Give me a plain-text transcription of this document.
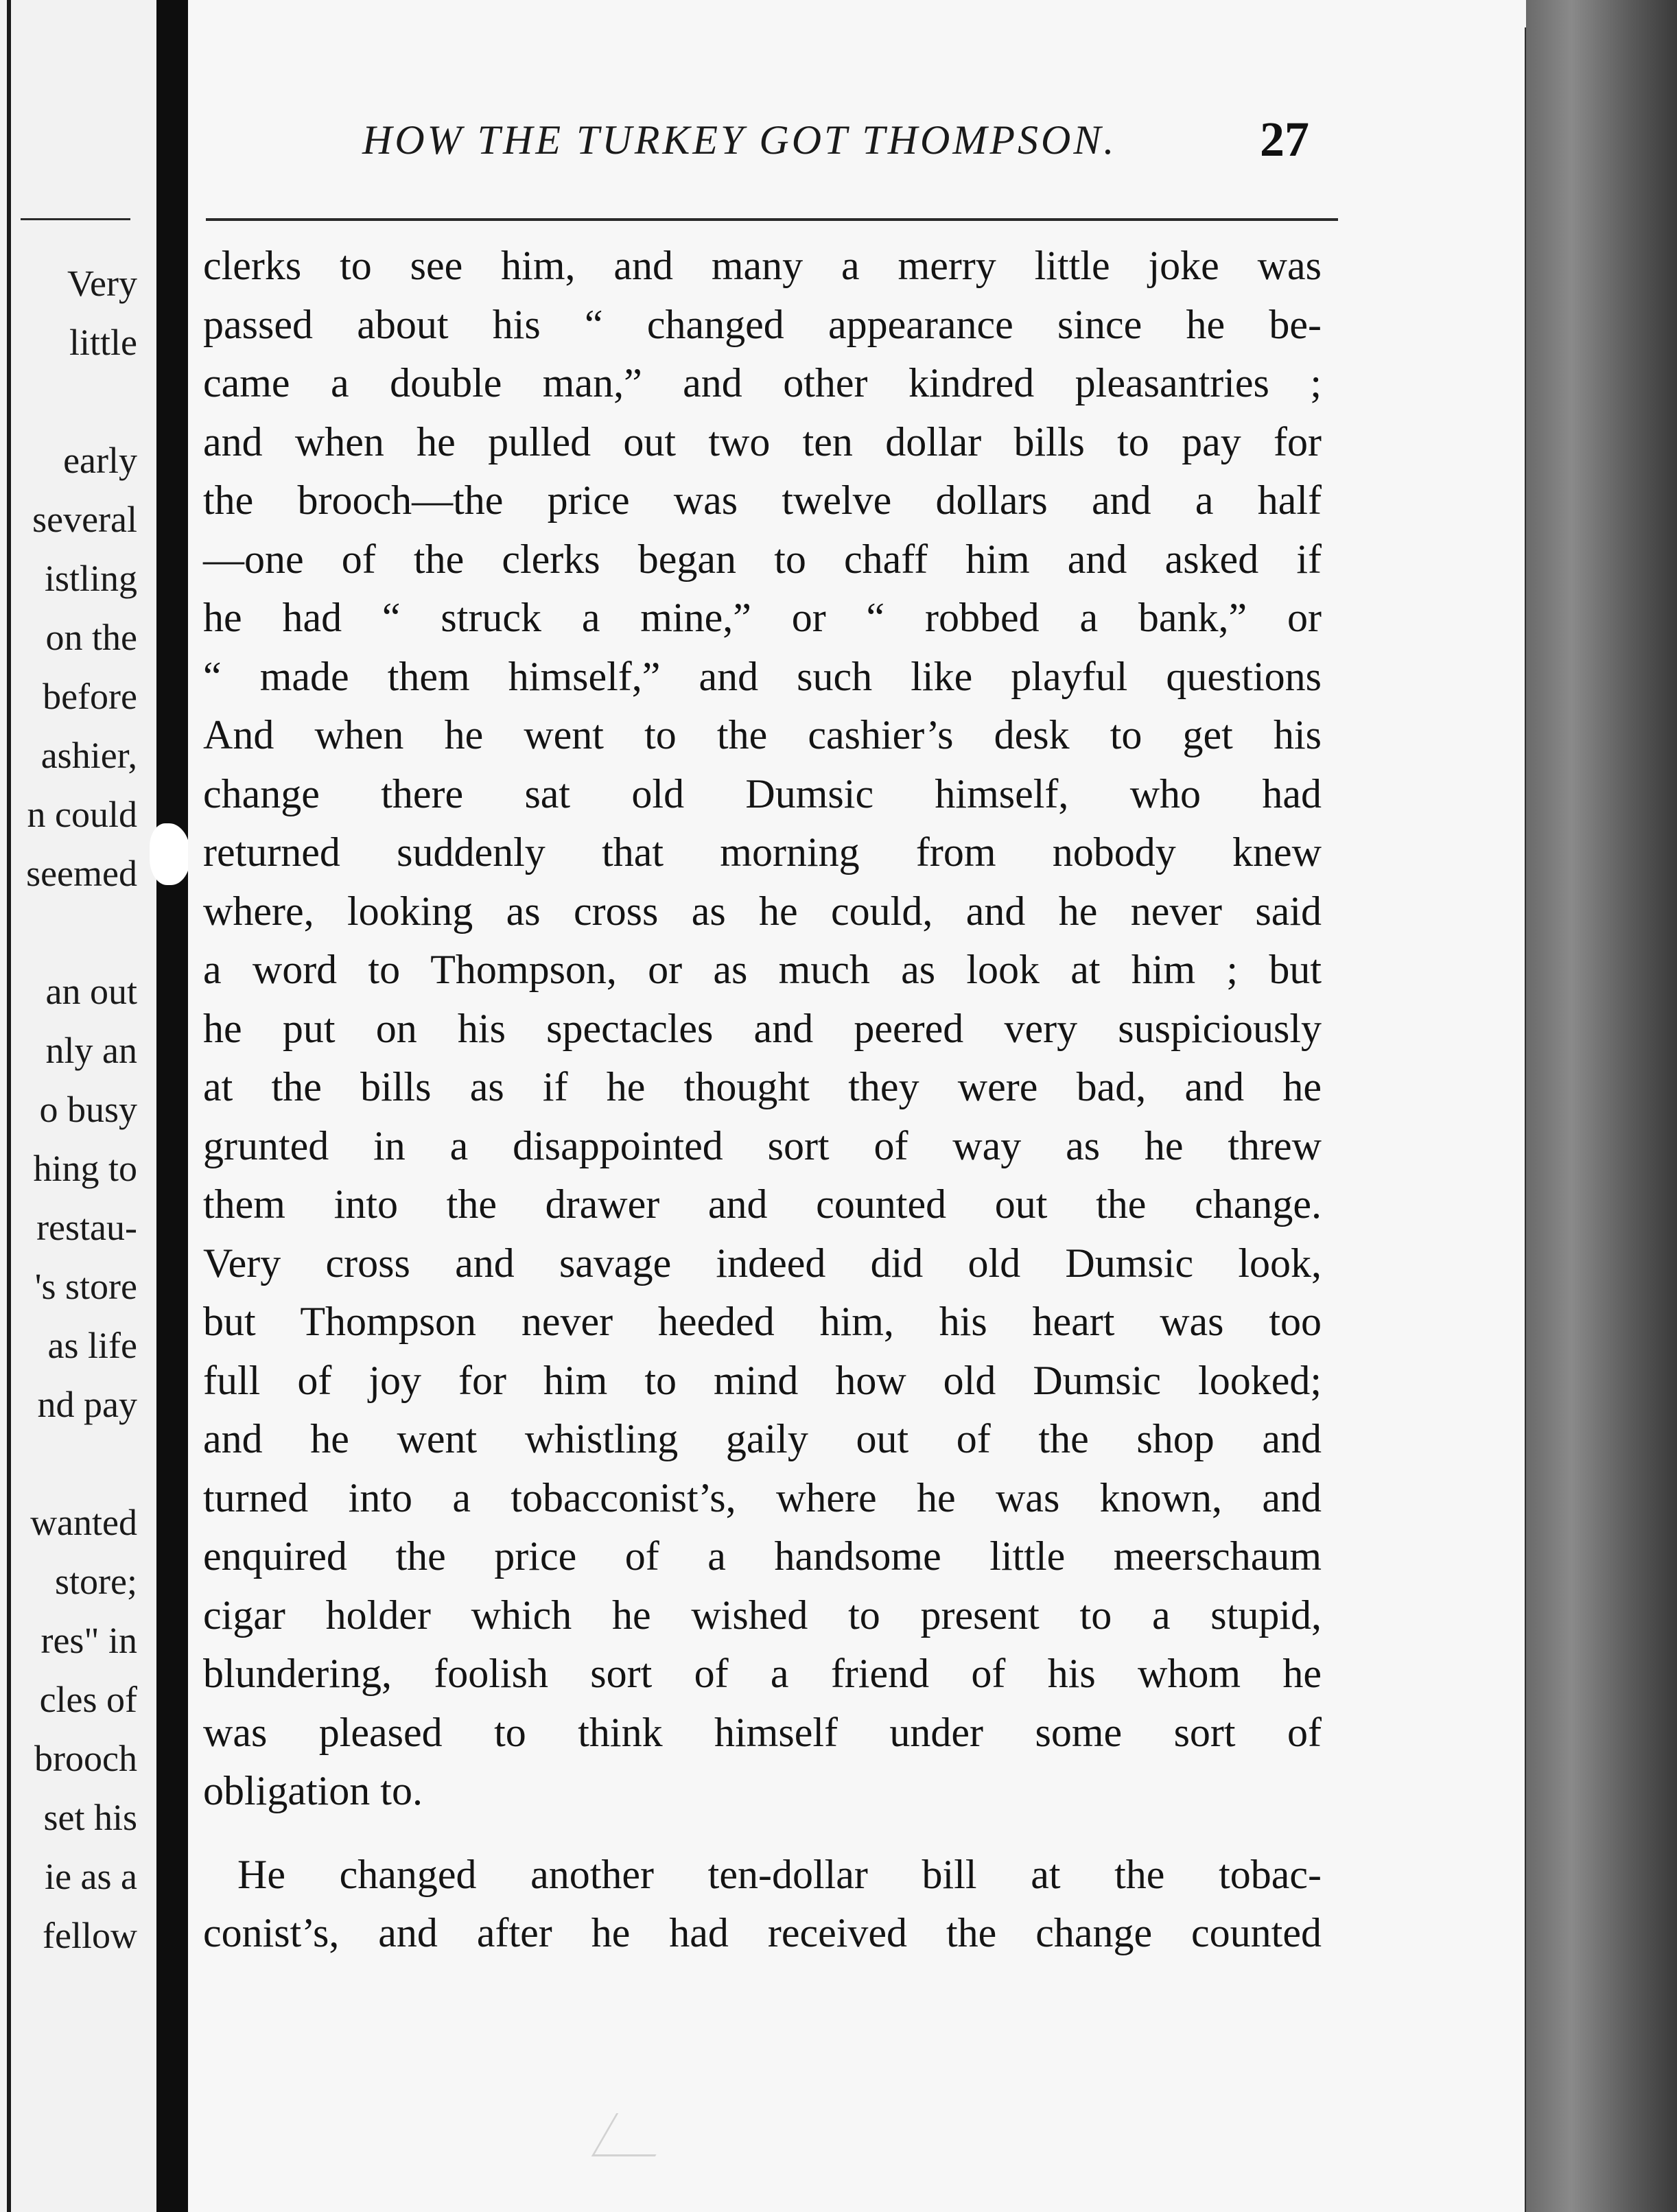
Very
little
early
several
istling
on the
before
ashier,
n could
seemed
an out
nly an
o busy
hing to
restau-
's store
as life
nd pay
wanted
store;
res" in
cles of
brooch
set his
ie as a
fellow
HOW THE TURKEY GOT THOMPSON.	27
clerks to see him, and many a merry little joke was
passed about his “ changed appearance since he be-
came a double man,” and other kindred pleasantries ;
and when he pulled out two ten dollar bills to pay for
the brooch—the price was twelve dollars and a half
—one of the clerks began to chaff him and asked if
he had “ struck a mine,” or “ robbed a bank,” or
“ made them himself,” and such like playful questions
And when he went to the cashier’s desk to get his
change there sat old Dumsic himself, who had
returned suddenly that morning from nobody knew
where, looking as cross as he could, and he never said
a word to Thompson, or as much as look at him ; but
he put on his spectacles and peered very suspiciously
at the bills as if he thought they were bad, and he
grunted in a disappointed sort of way as he threw
them into the drawer and counted out the change.
Very cross and savage indeed did old Dumsic look,
but Thompson never heeded him, his heart was too
full of joy for him to mind how old Dumsic looked;
and he went whistling gaily out of the shop and
turned into a tobacconist’s, where he was known, and
enquired the price of a handsome little meerschaum
cigar holder which he wished to present to a stupid,
blundering, foolish sort of a friend of his whom he
was pleased to think himself under some sort of
obligation to.
He changed another ten-dollar bill at the tobac-
conist’s, and after he had received the change counted
